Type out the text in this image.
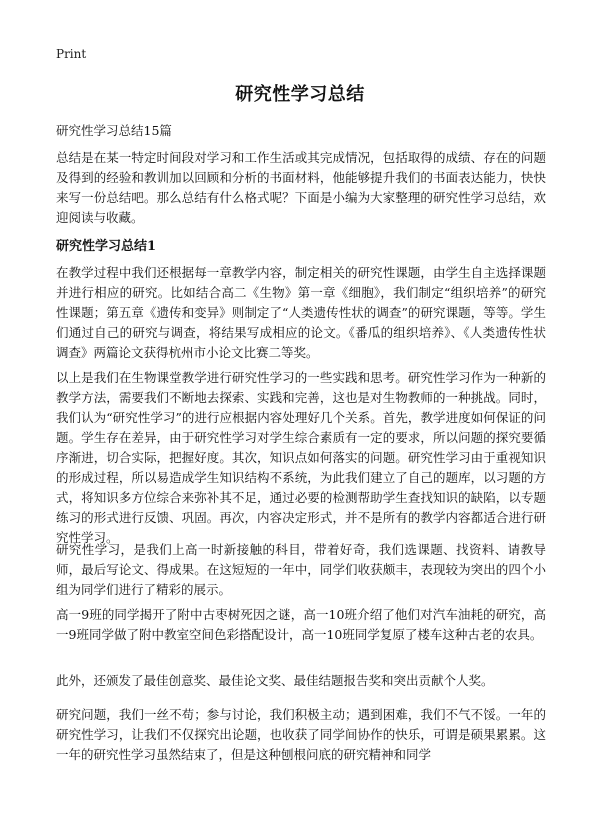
Print
研究性学习总结
研究性学习总结15篇

总结是在某一特定时间段对学习和工作生活或其完成情况，包括取得的成绩、存在的问题及得到的经验和教训加以回顾和分析的书面材料，他能够提升我们的书面表达能力，快快来写一份总结吧。那么总结有什么格式呢？下面是小编为大家整理的研究性学习总结，欢迎阅读与收藏。

研究性学习总结1

在教学过程中我们还根据每一章教学内容，制定相关的研究性课题，由学生自主选择课题并进行相应的研究。比如结合高二《生物》第一章《细胞》，我们制定“组织培养”的研究性课题；第五章《遗传和变异》则制定了“人类遗传性状的调查”的研究课题，等等。学生们通过自己的研究与调查，将结果写成相应的论文。《番瓜的组织培养》、《人类遗传性状调查》两篇论文获得杭州市小论文比赛二等奖。

以上是我们在生物课堂教学进行研究性学习的一些实践和思考。研究性学习作为一种新的教学方法，需要我们不断地去探索、实践和完善，这也是对生物教师的一种挑战。同时，我们认为“研究性学习”的进行应根据内容处理好几个关系。首先，教学进度如何保证的问题。学生存在差异，由于研究性学习对学生综合素质有一定的要求，所以问题的探究要循序渐进，切合实际，把握好度。其次，知识点如何落实的问题。研究性学习由于重视知识的形成过程，所以易造成学生知识结构不系统，为此我们建立了自己的题库，以习题的方式，将知识多方位综合来弥补其不足，通过必要的检测帮助学生查找知识的缺陷，以专题练习的形式进行反馈、巩固。再次，内容决定形式，并不是所有的教学内容都适合进行研究性学习。

研究性学习，是我们上高一时新接触的科目，带着好奇，我们选课题、找资料、请教导师，最后写论文、得成果。在这短短的一年中，同学们收获颇丰，表现较为突出的四个小组为同学们进行了精彩的展示。

高一9班的同学揭开了附中古枣树死因之谜，高一10班介绍了他们对汽车油耗的研究，高一9班同学做了附中教室空间色彩搭配设计，高一10班同学复原了楼车这种古老的农具。

此外，还颁发了最佳创意奖、最佳论文奖、最佳结题报告奖和突出贡献个人奖。

研究问题，我们一丝不苟；参与讨论，我们积极主动；遇到困难，我们不气不馁。一年的研究性学习，让我们不仅探究出论题，也收获了同学间协作的快乐，可谓是硕果累累。这一年的研究性学习虽然结束了，但是这种刨根问底的研究精神和同学
